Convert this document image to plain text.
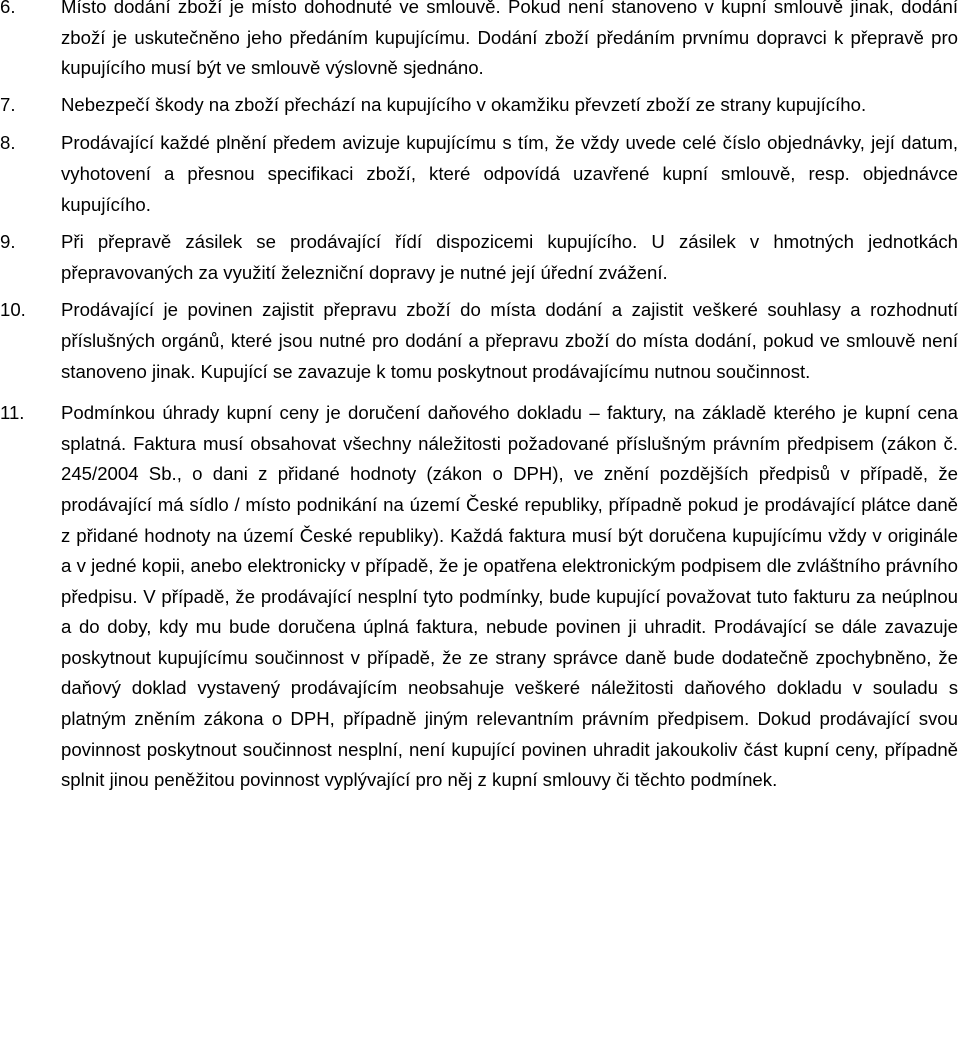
6. Místo dodání zboží je místo dohodnuté ve smlouvě. Pokud není stanoveno v kupní smlouvě jinak, dodání zboží je uskutečněno jeho předáním kupujícímu. Dodání zboží předáním prvnímu dopravci k přepravě pro kupujícího musí být ve smlouvě výslovně sjednáno.
7. Nebezpečí škody na zboží přechází na kupujícího v okamžiku převzetí zboží ze strany kupujícího.
8. Prodávající každé plnění předem avizuje kupujícímu s tím, že vždy uvede celé číslo objednávky, její datum, vyhotovení a přesnou specifikaci zboží, které odpovídá uzavřené kupní smlouvě, resp. objednávce kupujícího.
9. Při přepravě zásilek se prodávající řídí dispozicemi kupujícího. U zásilek v hmotných jednotkách přepravovaných za využití železniční dopravy je nutné její úřední zvážení.
10. Prodávající je povinen zajistit přepravu zboží do místa dodání a zajistit veškeré souhlasy a rozhodnutí příslušných orgánů, které jsou nutné pro dodání a přepravu zboží do místa dodání, pokud ve smlouvě není stanoveno jinak. Kupující se zavazuje k tomu poskytnout prodávajícímu nutnou součinnost.
11. Podmínkou úhrady kupní ceny je doručení daňového dokladu – faktury, na základě kterého je kupní cena splatná. Faktura musí obsahovat všechny náležitosti požadované příslušným právním předpisem (zákon č. 245/2004 Sb., o dani z přidané hodnoty (zákon o DPH), ve znění pozdějších předpisů v případě, že prodávající má sídlo / místo podnikání na území České republiky, případně pokud je prodávající plátce daně z přidané hodnoty na území České republiky). Každá faktura musí být doručena kupujícímu vždy v originále a v jedné kopii, anebo elektronicky v případě, že je opatřena elektronickým podpisem dle zvláštního právního předpisu. V případě, že prodávající nesplní tyto podmínky, bude kupující považovat tuto fakturu za neúplnou a do doby, kdy mu bude doručena úplná faktura, nebude povinen ji uhradit. Prodávající se dále zavazuje poskytnout kupujícímu součinnost v případě, že ze strany správce daně bude dodatečně zpochybněno, že daňový doklad vystavený prodávajícím neobsahuje veškeré náležitosti daňového dokladu v souladu s platným zněním zákona o DPH, případně jiným relevantním právním předpisem. Dokud prodávající svou povinnost poskytnout součinnost nesplní, není kupující povinen uhradit jakoukoliv část kupní ceny, případně splnit jinou peněžitou povinnost vyplývající pro něj z kupní smlouvy či těchto podmínek.
